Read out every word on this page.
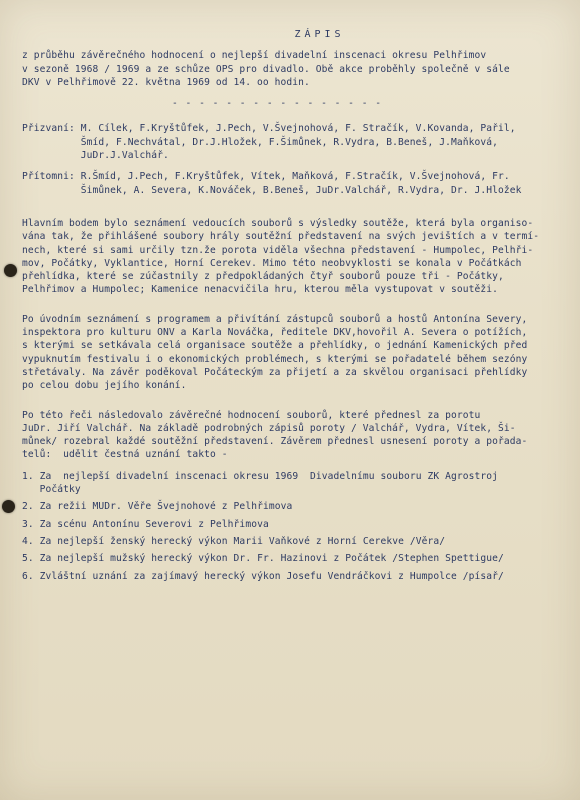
ZÁPIS
z průběhu závěrečného hodnocení o nejlepší divadelní inscenaci okresu Pelhřimov
v sezoně 1968 / 1969 a ze schůze OPS pro divadlo. Obě akce proběhly společně v sále
DKV v Pelhřimově 22. května 1969 od 14. oo hodin.
- - - - - - - - - - - - - - - -
Přizvaní: M. Cílek, F.Kryštůfek, J.Pech, V.Švejnohová, F. Stračík, V.Kovanda, Pařil,
Šmíd, F.Nechvátal, Dr.J.Hložek, F.Šimůnek, R.Vydra, B.Beneš, J.Maňková,
JuDr.J.Valchář.
Přítomni: R.Šmíd, J.Pech, F.Kryštůfek, Vítek, Maňková, F.Stračík, V.Švejnohová, Fr.
Šimůnek, A. Severa, K.Nováček, B.Beneš, JuDr.Valchář, R.Vydra, Dr. J.Hložek
Hlavním bodem bylo seznámení vedoucích souborů s výsledky soutěže, která byla organiso-
vána tak, že přihlášené soubory hrály soutěžní představení na svých jevištích a v termí-
nech, které si sami určily tzn.že porota viděla všechna představení - Humpolec, Pelhři-
mov, Počátky, Vyklantice, Horní Cerekev. Mimo této neobvyklosti se konala v Počátkách
přehlídka, které se zúčastnily z předpokládaných čtyř souborů pouze tři - Počátky,
Pelhřimov a Humpolec; Kamenice nenacvičila hru, kterou měla vystupovat v soutěži.
Po úvodním seznámení s programem a přivítání zástupců souborů a hostů Antonína Severy,
inspektora pro kulturu ONV a Karla Nováčka, ředitele DKV,hovořil A. Severa o potížích,
s kterými se setkávala celá organisace soutěže a přehlídky, o jednání Kamenických před
vypuknutím festivalu i o ekonomických problémech, s kterými se pořadatelé během sezóny
střetávaly. Na závěr poděkoval Počáteckým za přijetí a za skvělou organisaci přehlídky
po celou dobu jejího konání.
Po této řeči následovalo závěrečné hodnocení souborů, které přednesl za porotu
JuDr. Jiří Valchář. Na základě podrobných zápisů poroty / Valchář, Vydra, Vítek, Ši-
můnek/ rozebral každé soutěžní představení. Závěrem přednesl usnesení poroty a pořada-
telů:  udělit čestná uznání takto -
1. Za  nejlepší divadelní inscenaci okresu 1969  Divadelnímu souboru ZK Agrostroj
Počátky
2. Za režii MUDr. Věře Švejnohové z Pelhřimova
3. Za scénu Antonínu Severovi z Pelhřimova
4. Za nejlepší ženský herecký výkon Marii Vaňkové z Horní Cerekve /Věra/
5. Za nejlepší mužský herecký výkon Dr. Fr. Hazinovi z Počátek /Stephen Spettigue/
6. Zvláštní uznání za zajímavý herecký výkon Josefu Vendráčkovi z Humpolce /písař/
